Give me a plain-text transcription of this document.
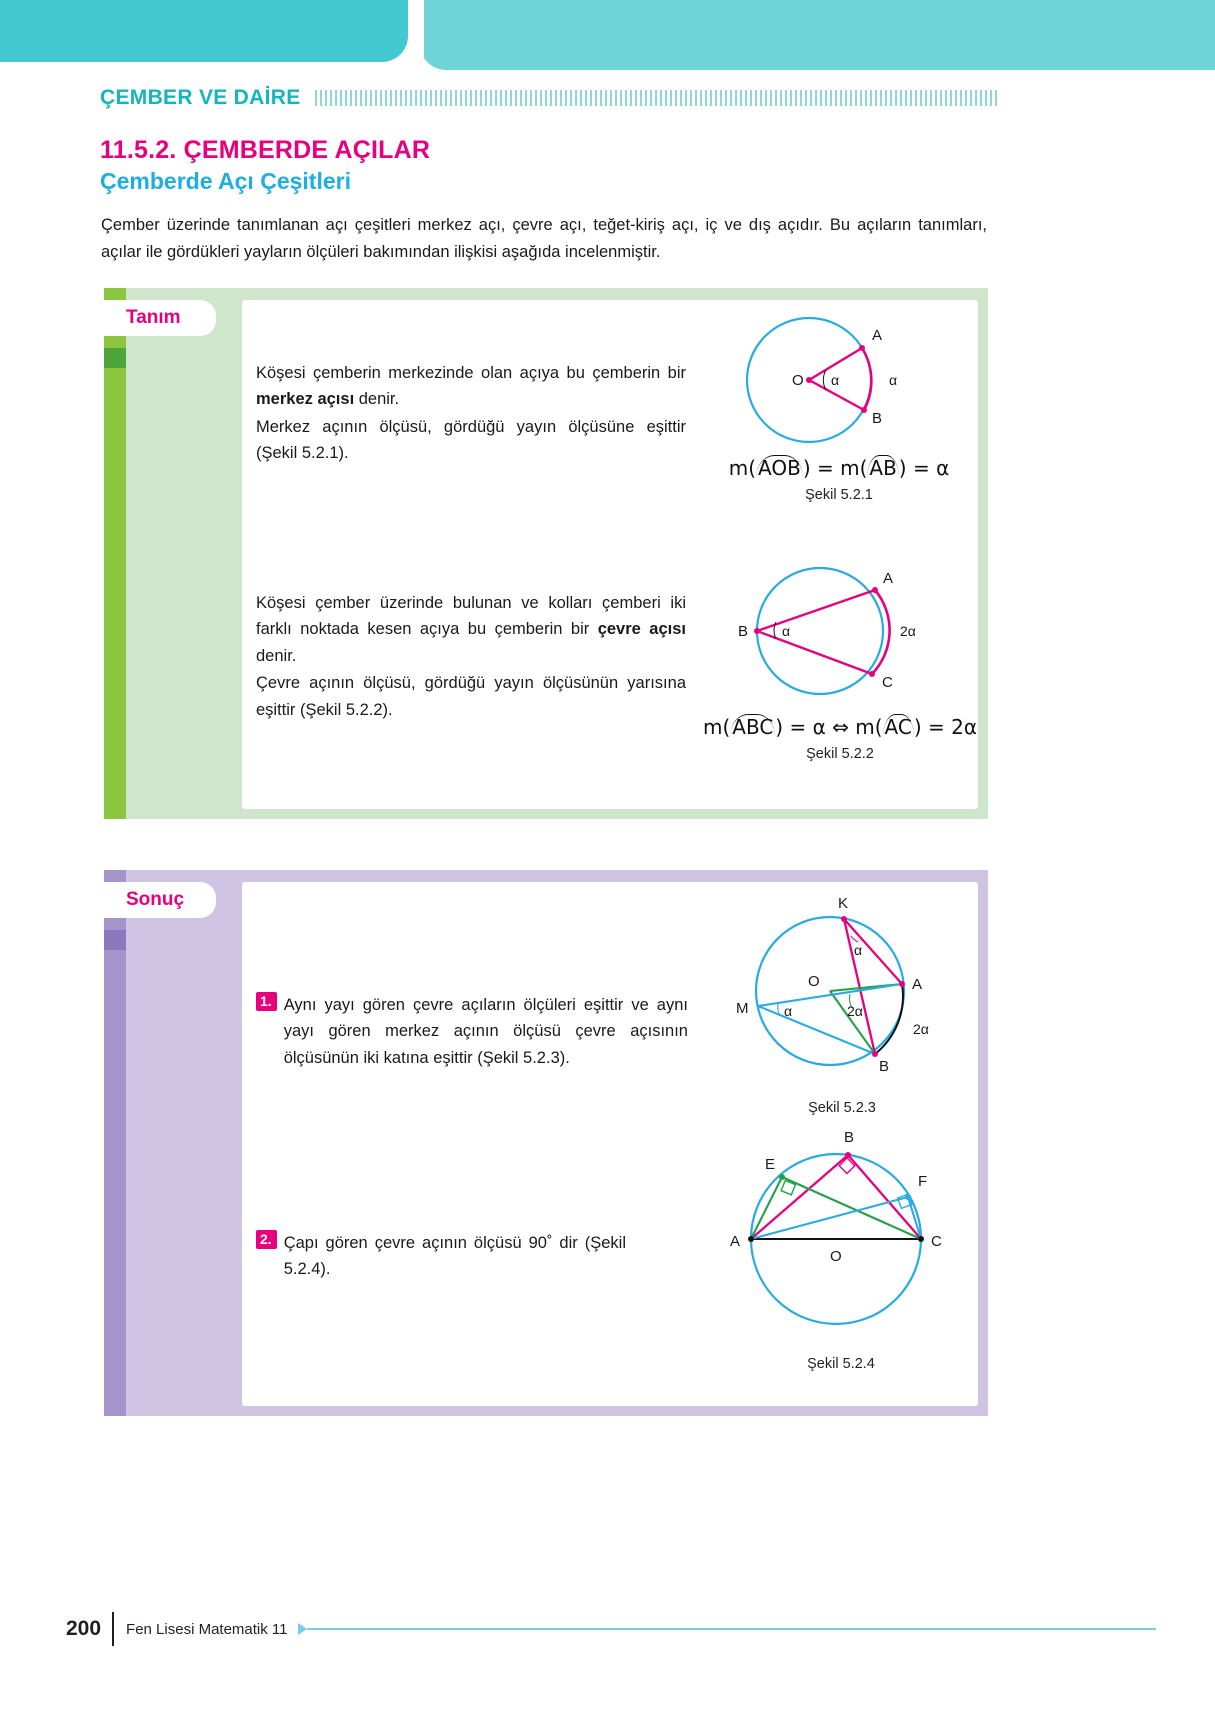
ÇEMBER VE DAİRE
11.5.2. ÇEMBERDE AÇILAR
Çemberde Açı Çeşitleri
Çember üzerinde tanımlanan açı çeşitleri merkez açı, çevre açı, teğet-kiriş açı, iç ve dış açıdır. Bu açıların tanımları, açılar ile gördükleri yayların ölçüleri bakımından ilişkisi aşağıda incelenmiştir.
Tanım

Köşesi çemberin merkezinde olan açıya bu çemberin bir merkez açısı denir.

Merkez açının ölçüsü, gördüğü yayın ölçüsüne eşittir (Şekil 5.2.1).

O
A
B
α	α
m( AOB ) = m( AB ) = α
Şekil 5.2.1

Köşesi çember üzerinde bulunan ve kolları çemberi iki farklı noktada kesen açıya bu çemberin bir çevre açısı denir.

Çevre açının ölçüsü, gördüğü yayın ölçüsünün yarısına eşittir (Şekil 5.2.2).

B
A
C
α	2α
m( ABC ) = α ⇔ m( AC ) = 2α
Şekil 5.2.2
Sonuç
1. Aynı yayı gören çevre açıların ölçüleri eşittir ve aynı yayı gören merkez açının ölçüsü çevre açısının ölçüsünün iki katına eşittir (Şekil 5.2.3).
K
O
M
A
B
α
2α
α
2α
Şekil 5.2.3
2. Çapı gören çevre açının ölçüsü 90˚ dir (Şekil 5.2.4).
B
E
F
A	C
O
Şekil 5.2.4
200	Fen Lisesi Matematik 11
